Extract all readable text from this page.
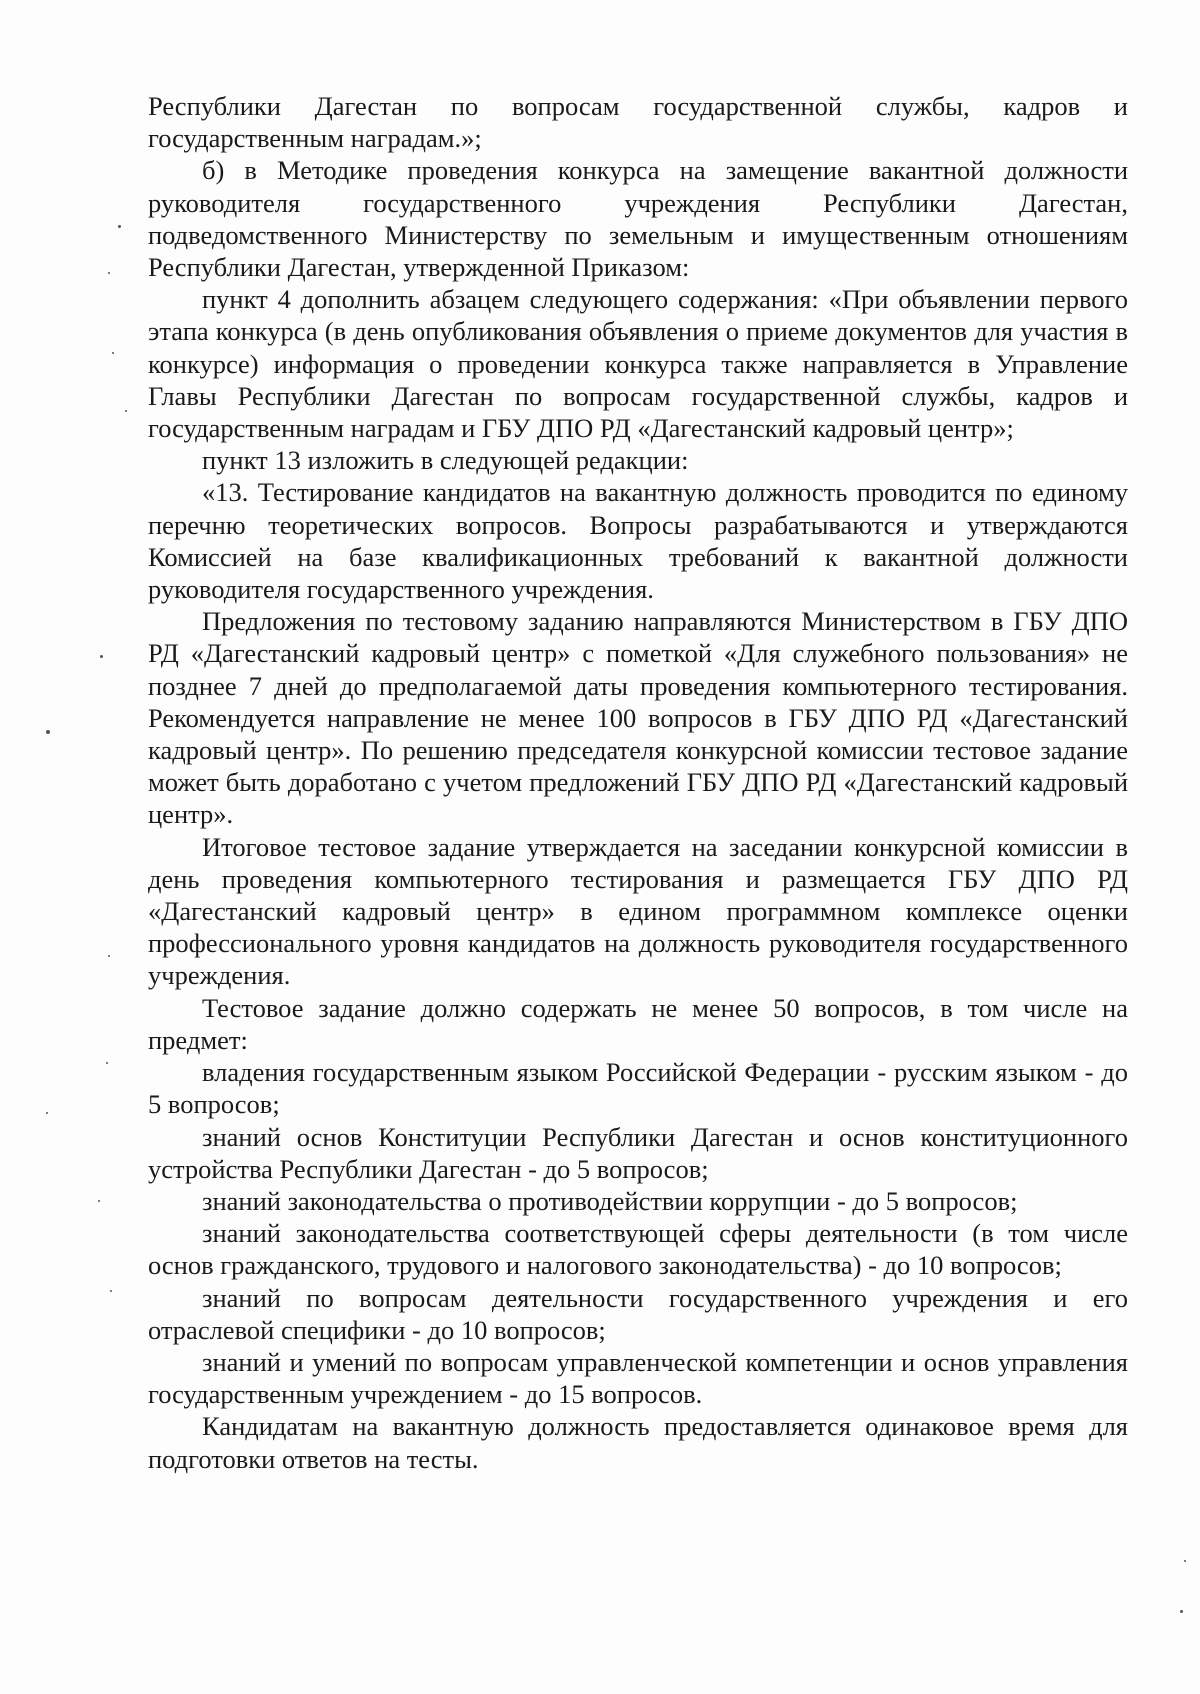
Республики Дагестан по вопросам государственной службы, кадров и государственным наградам.»;

б) в Методике проведения конкурса на замещение вакантной должности руководителя государственного учреждения Республики Дагестан, подведомственного Министерству по земельным и имущественным отношениям Республики Дагестан, утвержденной Приказом:

пункт 4 дополнить абзацем следующего содержания: «При объявлении первого этапа конкурса (в день опубликования объявления о приеме документов для участия в конкурсе) информация о проведении конкурса также направляется в Управление Главы Республики Дагестан по вопросам государственной службы, кадров и государственным наградам и ГБУ ДПО РД «Дагестанский кадровый центр»;

пункт 13 изложить в следующей редакции:

«13. Тестирование кандидатов на вакантную должность проводится по единому перечню теоретических вопросов. Вопросы разрабатываются и утверждаются Комиссией на базе квалификационных требований к вакантной должности руководителя государственного учреждения.

Предложения по тестовому заданию направляются Министерством в ГБУ ДПО РД «Дагестанский кадровый центр» с пометкой «Для служебного пользования» не позднее 7 дней до предполагаемой даты проведения компьютерного тестирования. Рекомендуется направление не менее 100 вопросов в ГБУ ДПО РД «Дагестанский кадровый центр». По решению председателя конкурсной комиссии тестовое задание может быть доработано с учетом предложений ГБУ ДПО РД «Дагестанский кадровый центр».

Итоговое тестовое задание утверждается на заседании конкурсной комиссии в день проведения компьютерного тестирования и размещается ГБУ ДПО РД «Дагестанский кадровый центр» в едином программном комплексе оценки профессионального уровня кандидатов на должность руководителя государственного учреждения.

Тестовое задание должно содержать не менее 50 вопросов, в том числе на предмет:

владения государственным языком Российской Федерации - русским языком - до 5 вопросов;

знаний основ Конституции Республики Дагестан и основ конституционного устройства Республики Дагестан - до 5 вопросов;

знаний законодательства о противодействии коррупции - до 5 вопросов;

знаний законодательства соответствующей сферы деятельности (в том числе основ гражданского, трудового и налогового законодательства) - до 10 вопросов;

знаний по вопросам деятельности государственного учреждения и его отраслевой специфики - до 10 вопросов;

знаний и умений по вопросам управленческой компетенции и основ управления государственным учреждением - до 15 вопросов.

Кандидатам на вакантную должность предоставляется одинаковое время для подготовки ответов на тесты.
